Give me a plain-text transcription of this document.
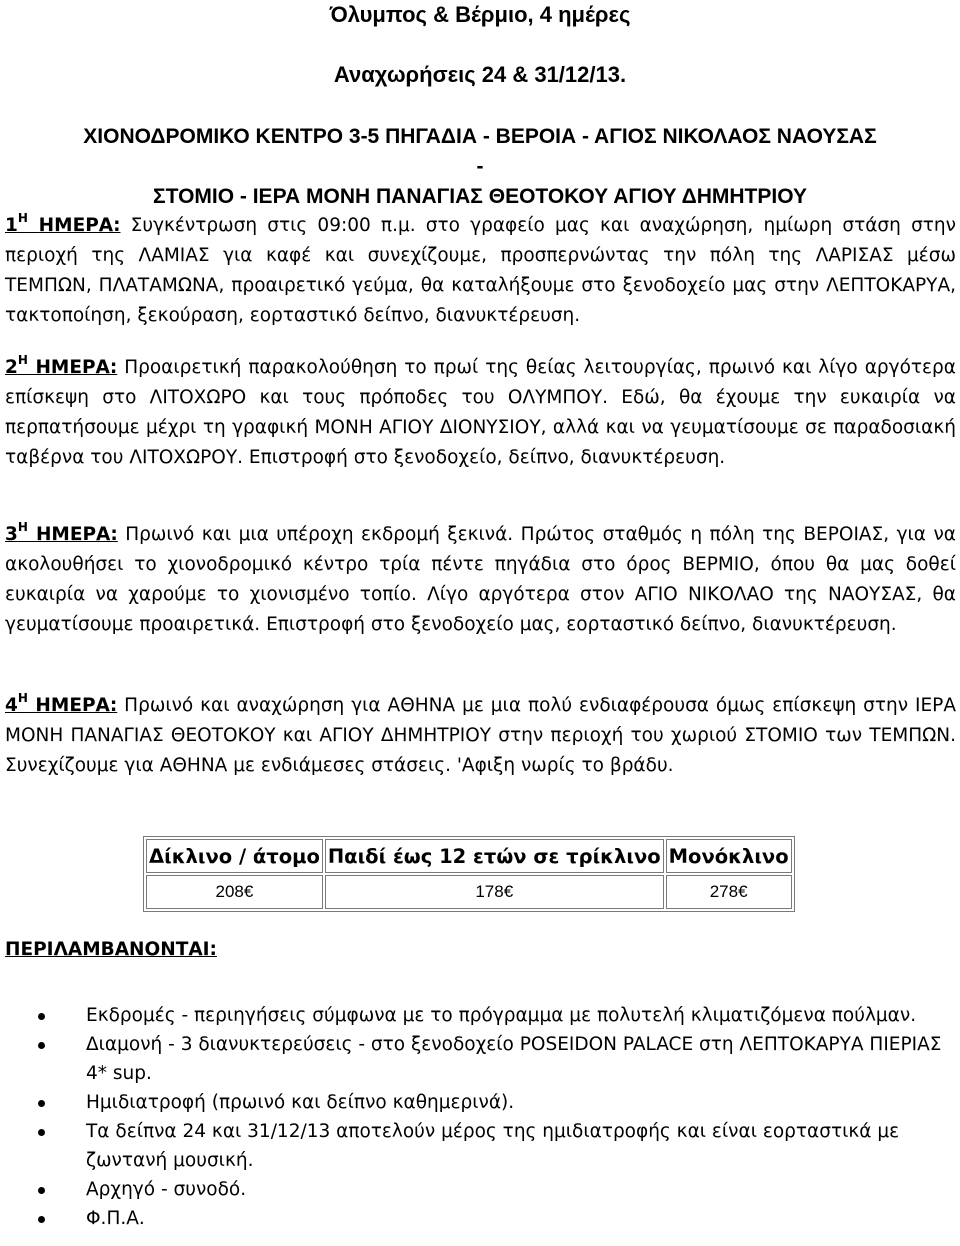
Όλυμπος & Βέρμιο, 4 ημέρες
Αναχωρήσεις 24 & 31/12/13.
ΧΙΟΝΟΔΡΟΜΙΚΟ ΚΕΝΤΡΟ 3-5 ΠΗΓΑΔΙΑ - ΒΕΡΟΙΑ - ΑΓΙΟΣ ΝΙΚΟΛΑΟΣ ΝΑΟΥΣΑΣ -
ΣΤΟΜΙΟ - ΙΕΡΑ ΜΟΝΗ ΠΑΝΑΓΙΑΣ ΘΕΟΤΟΚΟΥ ΑΓΙΟΥ ΔΗΜΗΤΡΙΟΥ
$1^H$ ΗΜΕΡΑ: Συγκέντρωση στις 09:00 π.μ. στο γραφείο μας και αναχώρηση, ημίωρη στάση στην περιοχή της ΛΑΜΙΑΣ για καφέ και συνεχίζουμε, προσπερνώντας την πόλη της ΛΑΡΙΣΑΣ μέσω ΤΕΜΠΩΝ, ΠΛΑΤΑΜΩΝΑ, προαιρετικό γεύμα, θα καταλήξουμε στο ξενοδοχείο μας στην ΛΕΠΤΟΚΑΡΥΑ, τακτοποίηση, ξεκούραση, εορταστικό δείπνο, διανυκτέρευση.
$2^H$ ΗΜΕΡΑ: Προαιρετική παρακολούθηση το πρωί της θείας λειτουργίας, πρωινό και λίγο αργότερα επίσκεψη στο ΛΙΤΟΧΩΡΟ και τους πρόποδες του ΟΛΥΜΠΟΥ. Εδώ, θα έχουμε την ευκαιρία να περπατήσουμε μέχρι τη γραφική ΜΟΝΗ ΑΓΙΟΥ ΔΙΟΝΥΣΙΟΥ, αλλά και να γευματίσουμε σε παραδοσιακή ταβέρνα του ΛΙΤΟΧΩΡΟΥ. Επιστροφή στο ξενοδοχείο, δείπνο, διανυκτέρευση.
$3^H$ ΗΜΕΡΑ: Πρωινό και μια υπέροχη εκδρομή ξεκινά. Πρώτος σταθμός η πόλη της ΒΕΡΟΙΑΣ, για να ακολουθήσει το χιονοδρομικό κέντρο τρία πέντε πηγάδια στο όρος ΒΕΡΜΙΟ, όπου θα μας δοθεί ευκαιρία να χαρούμε το χιονισμένο τοπίο. Λίγο αργότερα στον ΑΓΙΟ ΝΙΚΟΛΑΟ της ΝΑΟΥΣΑΣ, θα γευματίσουμε προαιρετικά. Επιστροφή στο ξενοδοχείο μας, εορταστικό δείπνο, διανυκτέρευση.
$4^H$ ΗΜΕΡΑ: Πρωινό και αναχώρηση για ΑΘΗΝΑ με μια πολύ ενδιαφέρουσα όμως επίσκεψη στην ΙΕΡΑ ΜΟΝΗ ΠΑΝΑΓΙΑΣ ΘΕΟΤΟΚΟΥ και ΑΓΙΟΥ ΔΗΜΗΤΡΙΟΥ στην περιοχή του χωριού ΣΤΟΜΙΟ των ΤΕΜΠΩΝ. Συνεχίζουμε για ΑΘΗΝΑ με ενδιάμεσες στάσεις. 'Αφιξη νωρίς το βράδυ.
Δίκλινο / άτομο	Παιδί έως 12 ετών σε τρίκλινο	Μονόκλινο
208€	178€	278€
ΠΕΡΙΛΑΜΒΑΝΟΝΤΑΙ:
Εκδρομές - περιηγήσεις σύμφωνα με το πρόγραμμα με πολυτελή κλιματιζόμενα πούλμαν.
Διαμονή - 3 διανυκτερεύσεις - στο ξενοδοχείο POSEIDON PALACE στη ΛΕΠΤΟΚΑΡΥΑ ΠΙΕΡΙΑΣ 4* sup.
Ημιδιατροφή (πρωινό και δείπνο καθημερινά).
Τα δείπνα 24 και 31/12/13 αποτελούν μέρος της ημιδιατροφής και είναι εορταστικά με ζωντανή μουσική.
Αρχηγό - συνοδό.
Φ.Π.Α.
